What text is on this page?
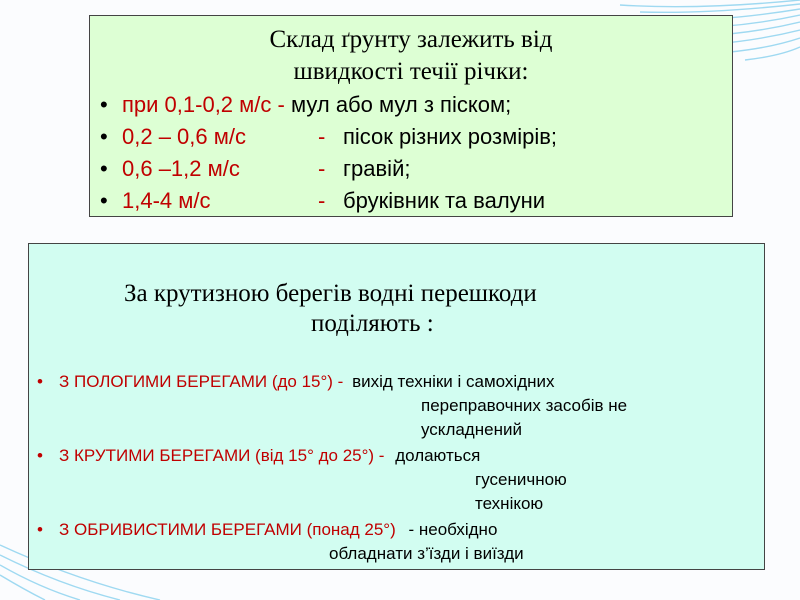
Склад ґрунту залежить від
швидкості течії річки:
• при 0,1-0,2 м/с - мул або мул з піском;
• 0,2 – 0,6 м/с	- пісок різних розмірів;
• 0,6 –1,2 м/с	- гравій;
• 1,4-4 м/с	- бруківник та валуни
За крутизною берегів водні перешкоди
поділяють :
• З ПОЛОГИМИ БЕРЕГАМИ (до 15°) - вихід техніки і самохідних
переправочних засобів не
ускладнений
• З КРУТИМИ БЕРЕГАМИ (від 15° до 25°) - долаються
гусеничною
технікою
• З ОБРИВИСТИМИ БЕРЕГАМИ (понад 25°) - необхідно
обладнати з’їзди і виїзди
